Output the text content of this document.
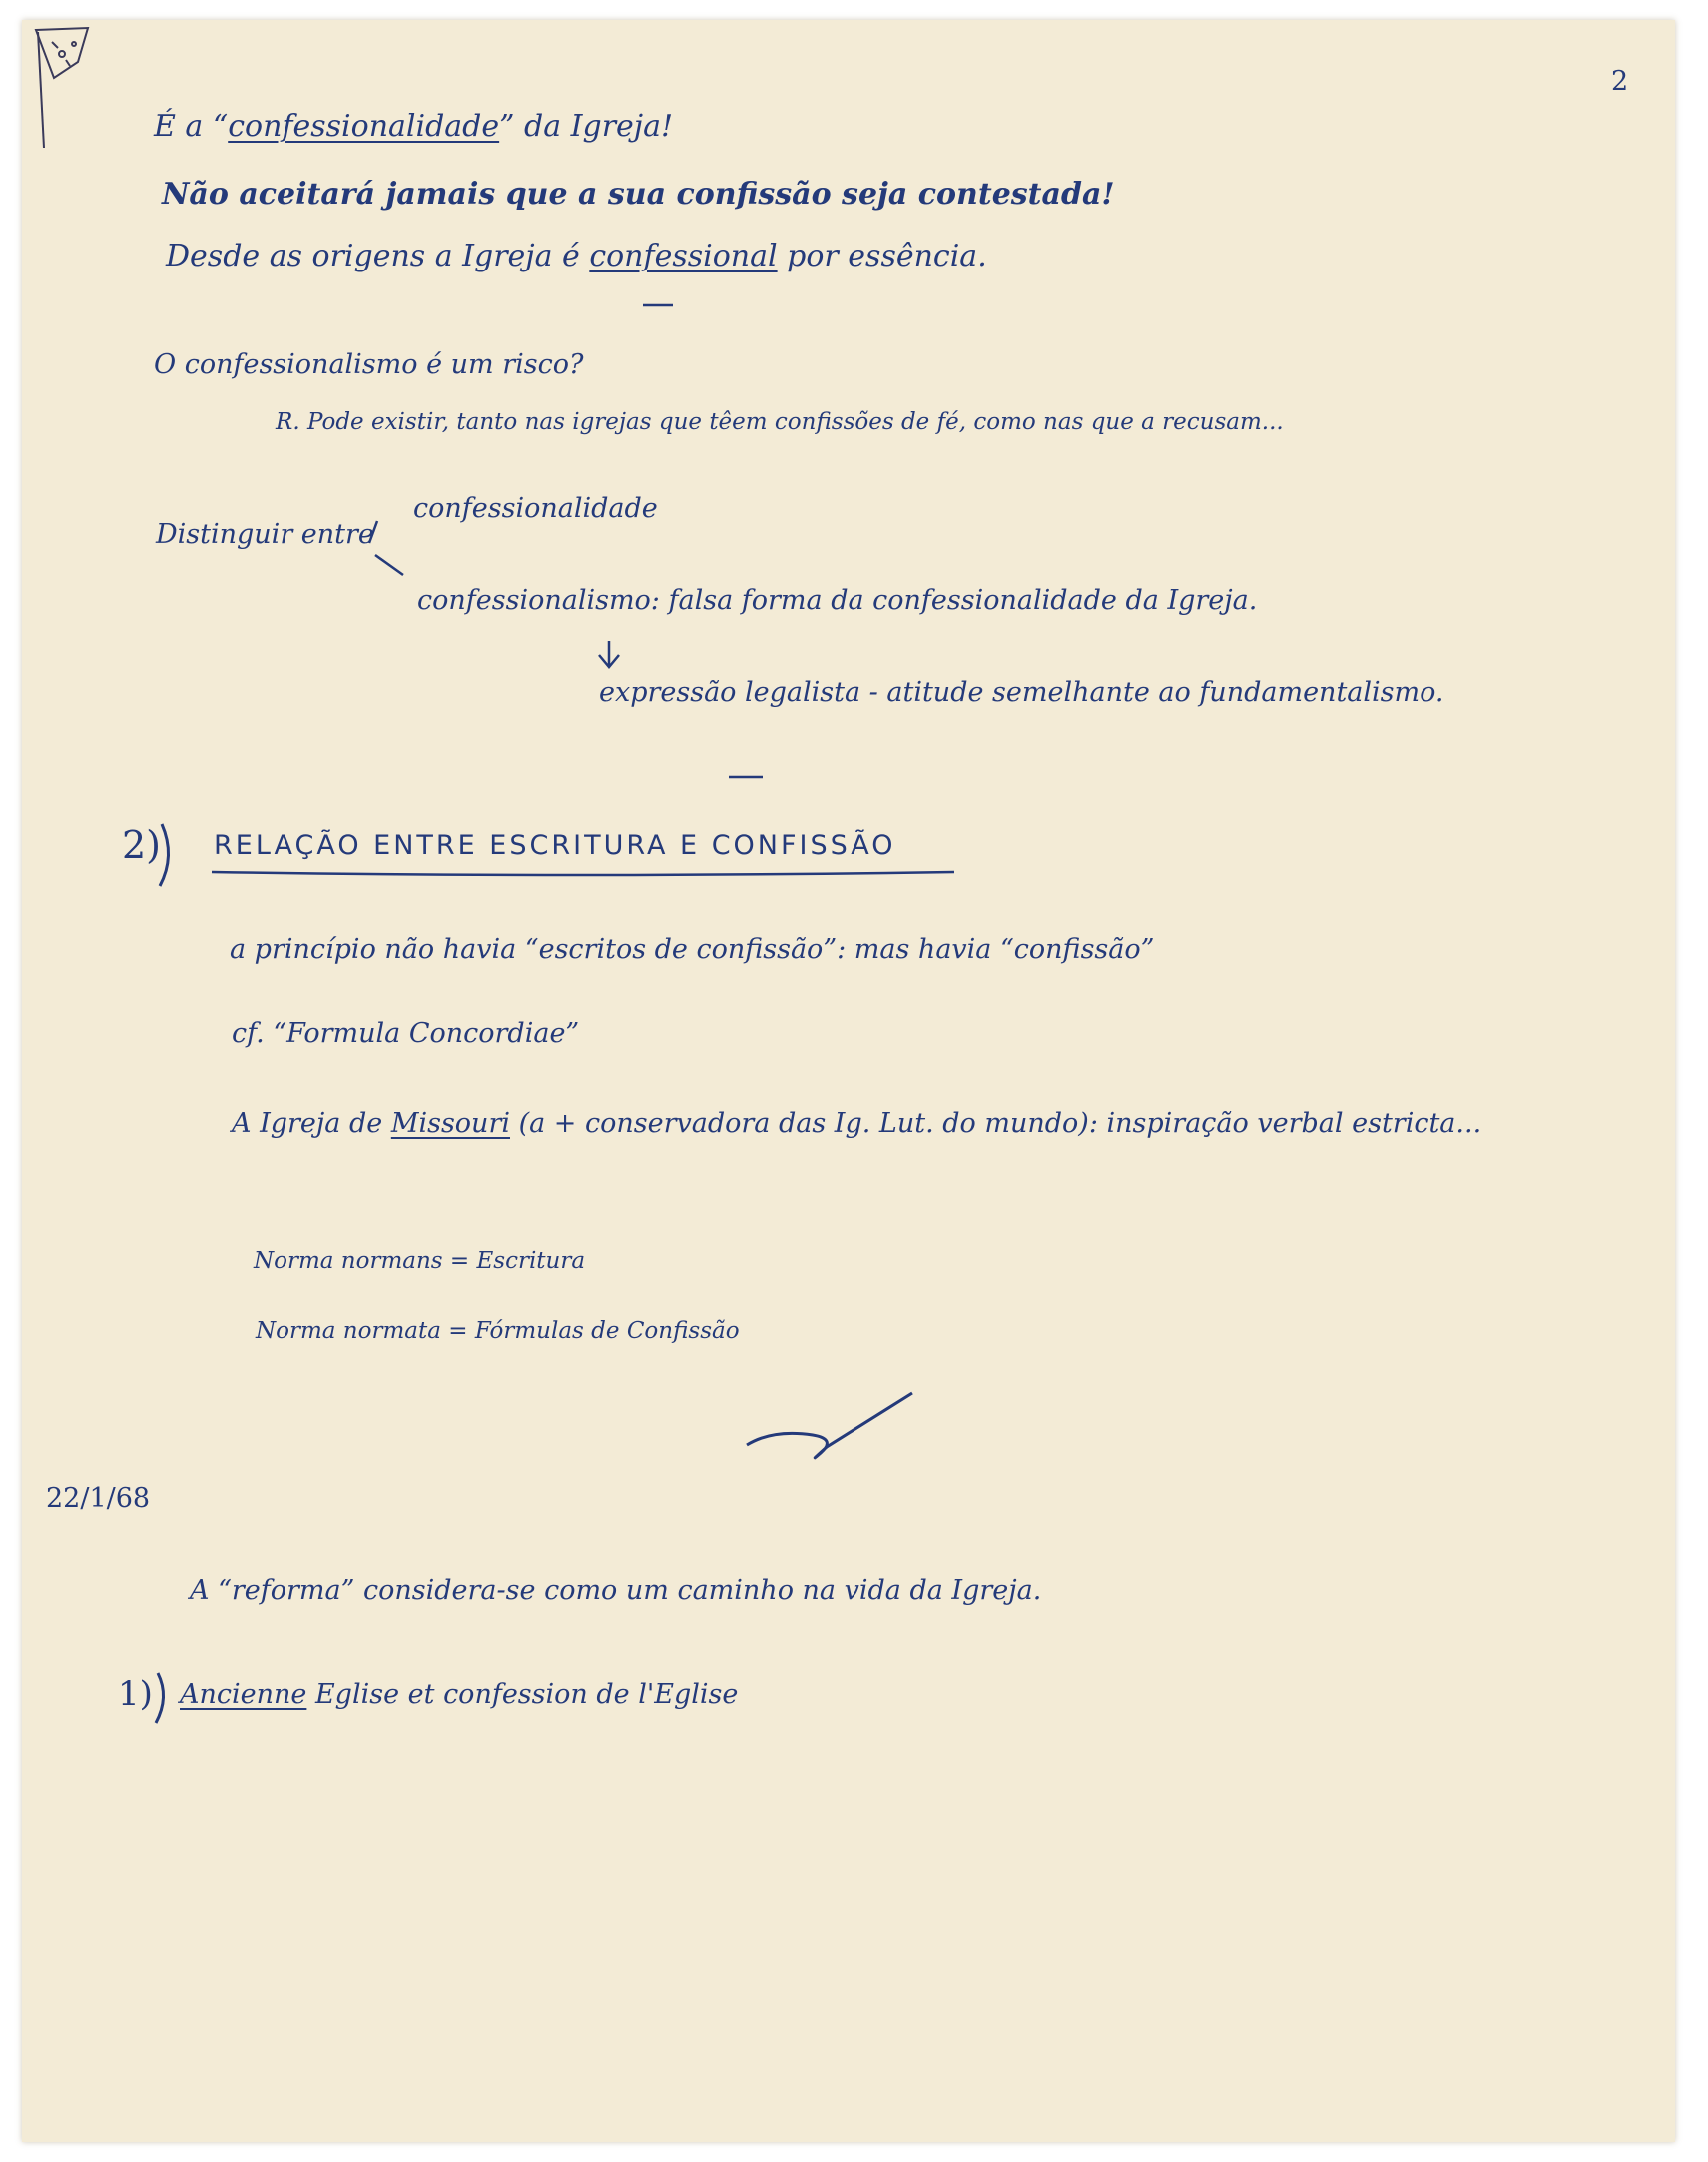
2
É a “confessionalidade” da Igreja!
Não aceitará jamais que a sua confissão seja contestada!
Desde as origens a Igreja é confessional por essência.
O confessionalismo é um risco?
R. Pode existir, tanto nas igrejas que têem confissões de fé, como nas que a recusam...
Distinguir entre
confessionalidade
confessionalismo: falsa forma da confessionalidade da Igreja.
expressão legalista - atitude semelhante ao fundamentalismo.
2) RELAÇÃO ENTRE ESCRITURA E CONFISSÃO
a princípio não havia “escritos de confissão”: mas havia “confissão”
cf. “Formula Concordiae”
A Igreja de Missouri (a + conservadora das Ig. Lut. do mundo): inspiração verbal estricta...
Norma normans = Escritura
Norma normata = Fórmulas de Confissão
22/1/68
A “reforma” considera-se como um caminho na vida da Igreja.
1) Ancienne Eglise et confession de l'Eglise
